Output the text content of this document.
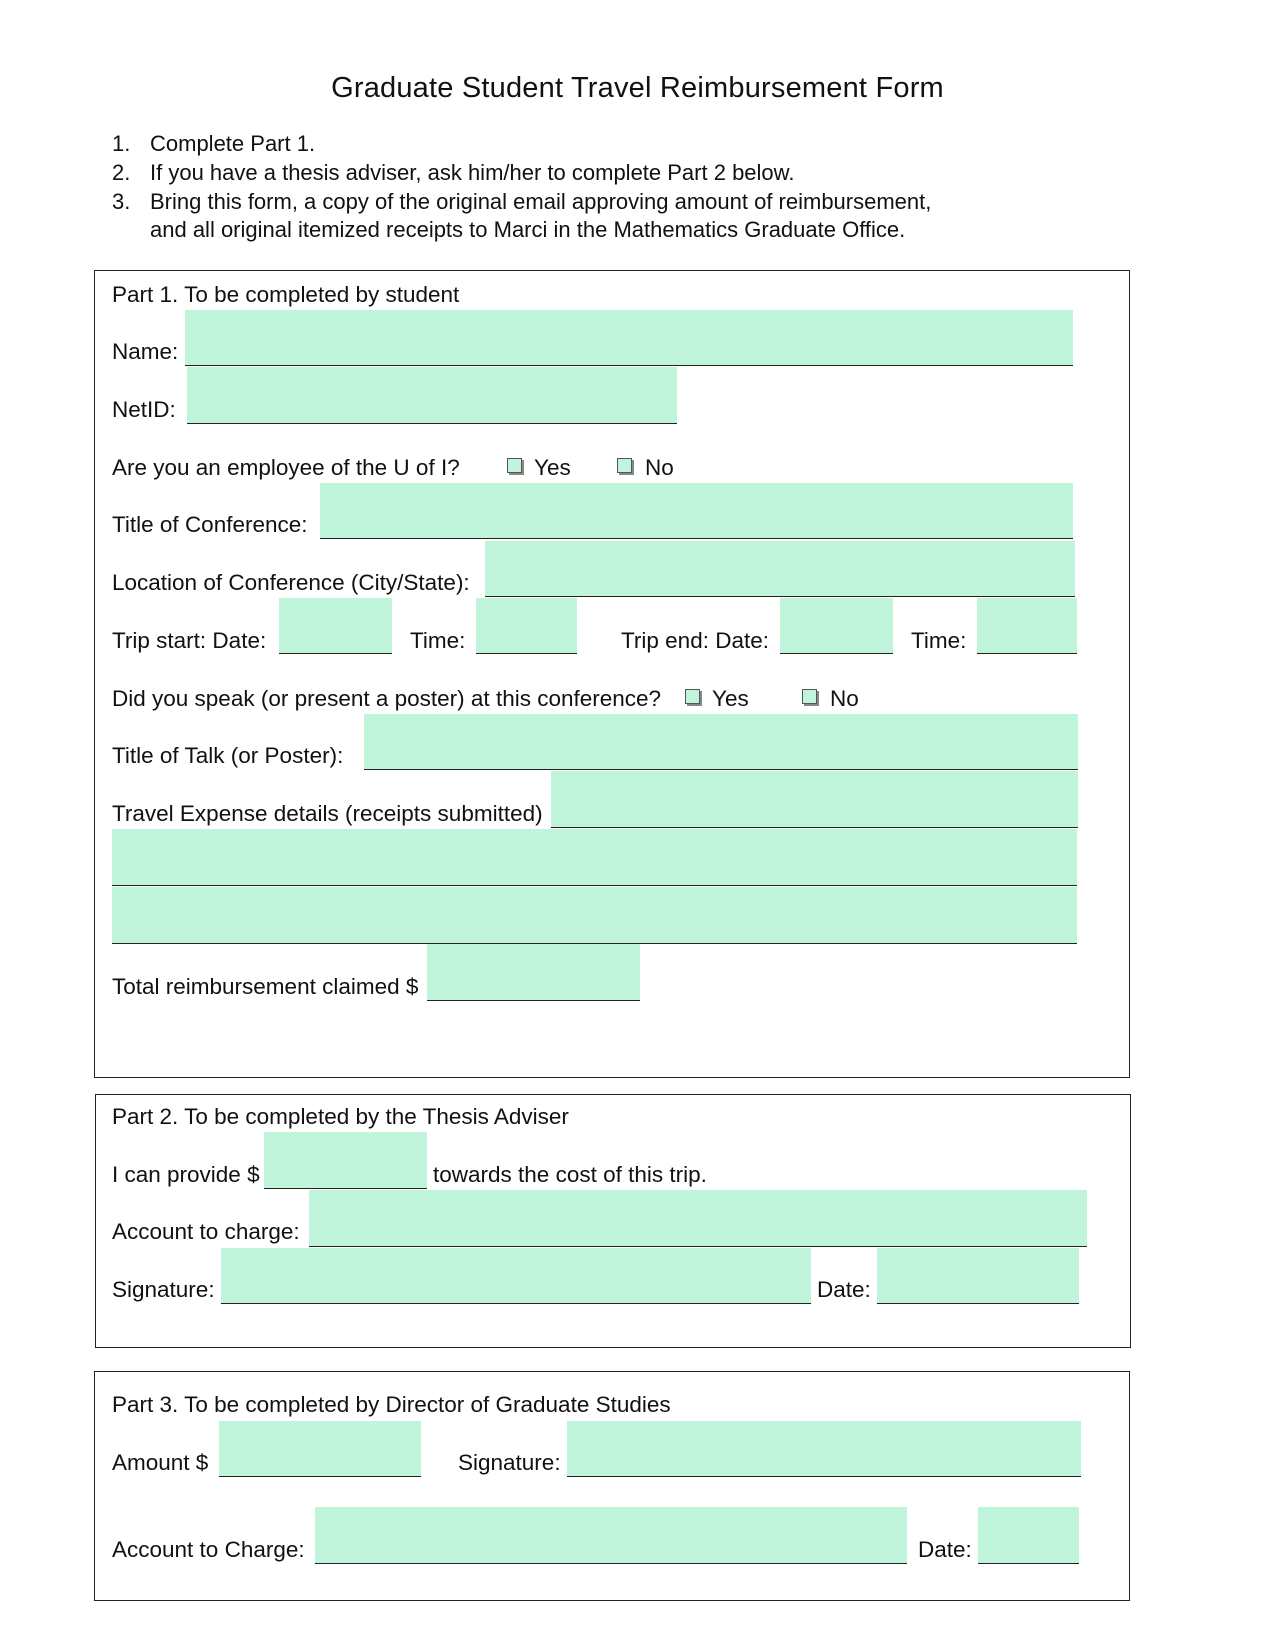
Graduate Student Travel Reimbursement Form
1. Complete Part 1.
2. If you have a thesis adviser, ask him/her to complete Part 2 below.
3. Bring this form, a copy of the original email approving amount of reimbursement,
and all original itemized receipts to Marci in the Mathematics Graduate Office.
Part 1. To be completed by student
Name:
NetID:
Are you an employee of the U of I?	Yes	No
Title of Conference:
Location of Conference (City/State):
Trip start: Date:	Time:	Trip end: Date:	Time:
Did you speak (or present a poster) at this conference? Yes	No
Title of Talk (or Poster):
Travel Expense details (receipts submitted)
Total reimbursement claimed $
Part 2. To be completed by the Thesis Adviser
I can provide $	towards the cost of this trip.
Account to charge:
Signature:	Date:
Part 3. To be completed by Director of Graduate Studies
Amount $	Signature:
Account to Charge:	Date:
